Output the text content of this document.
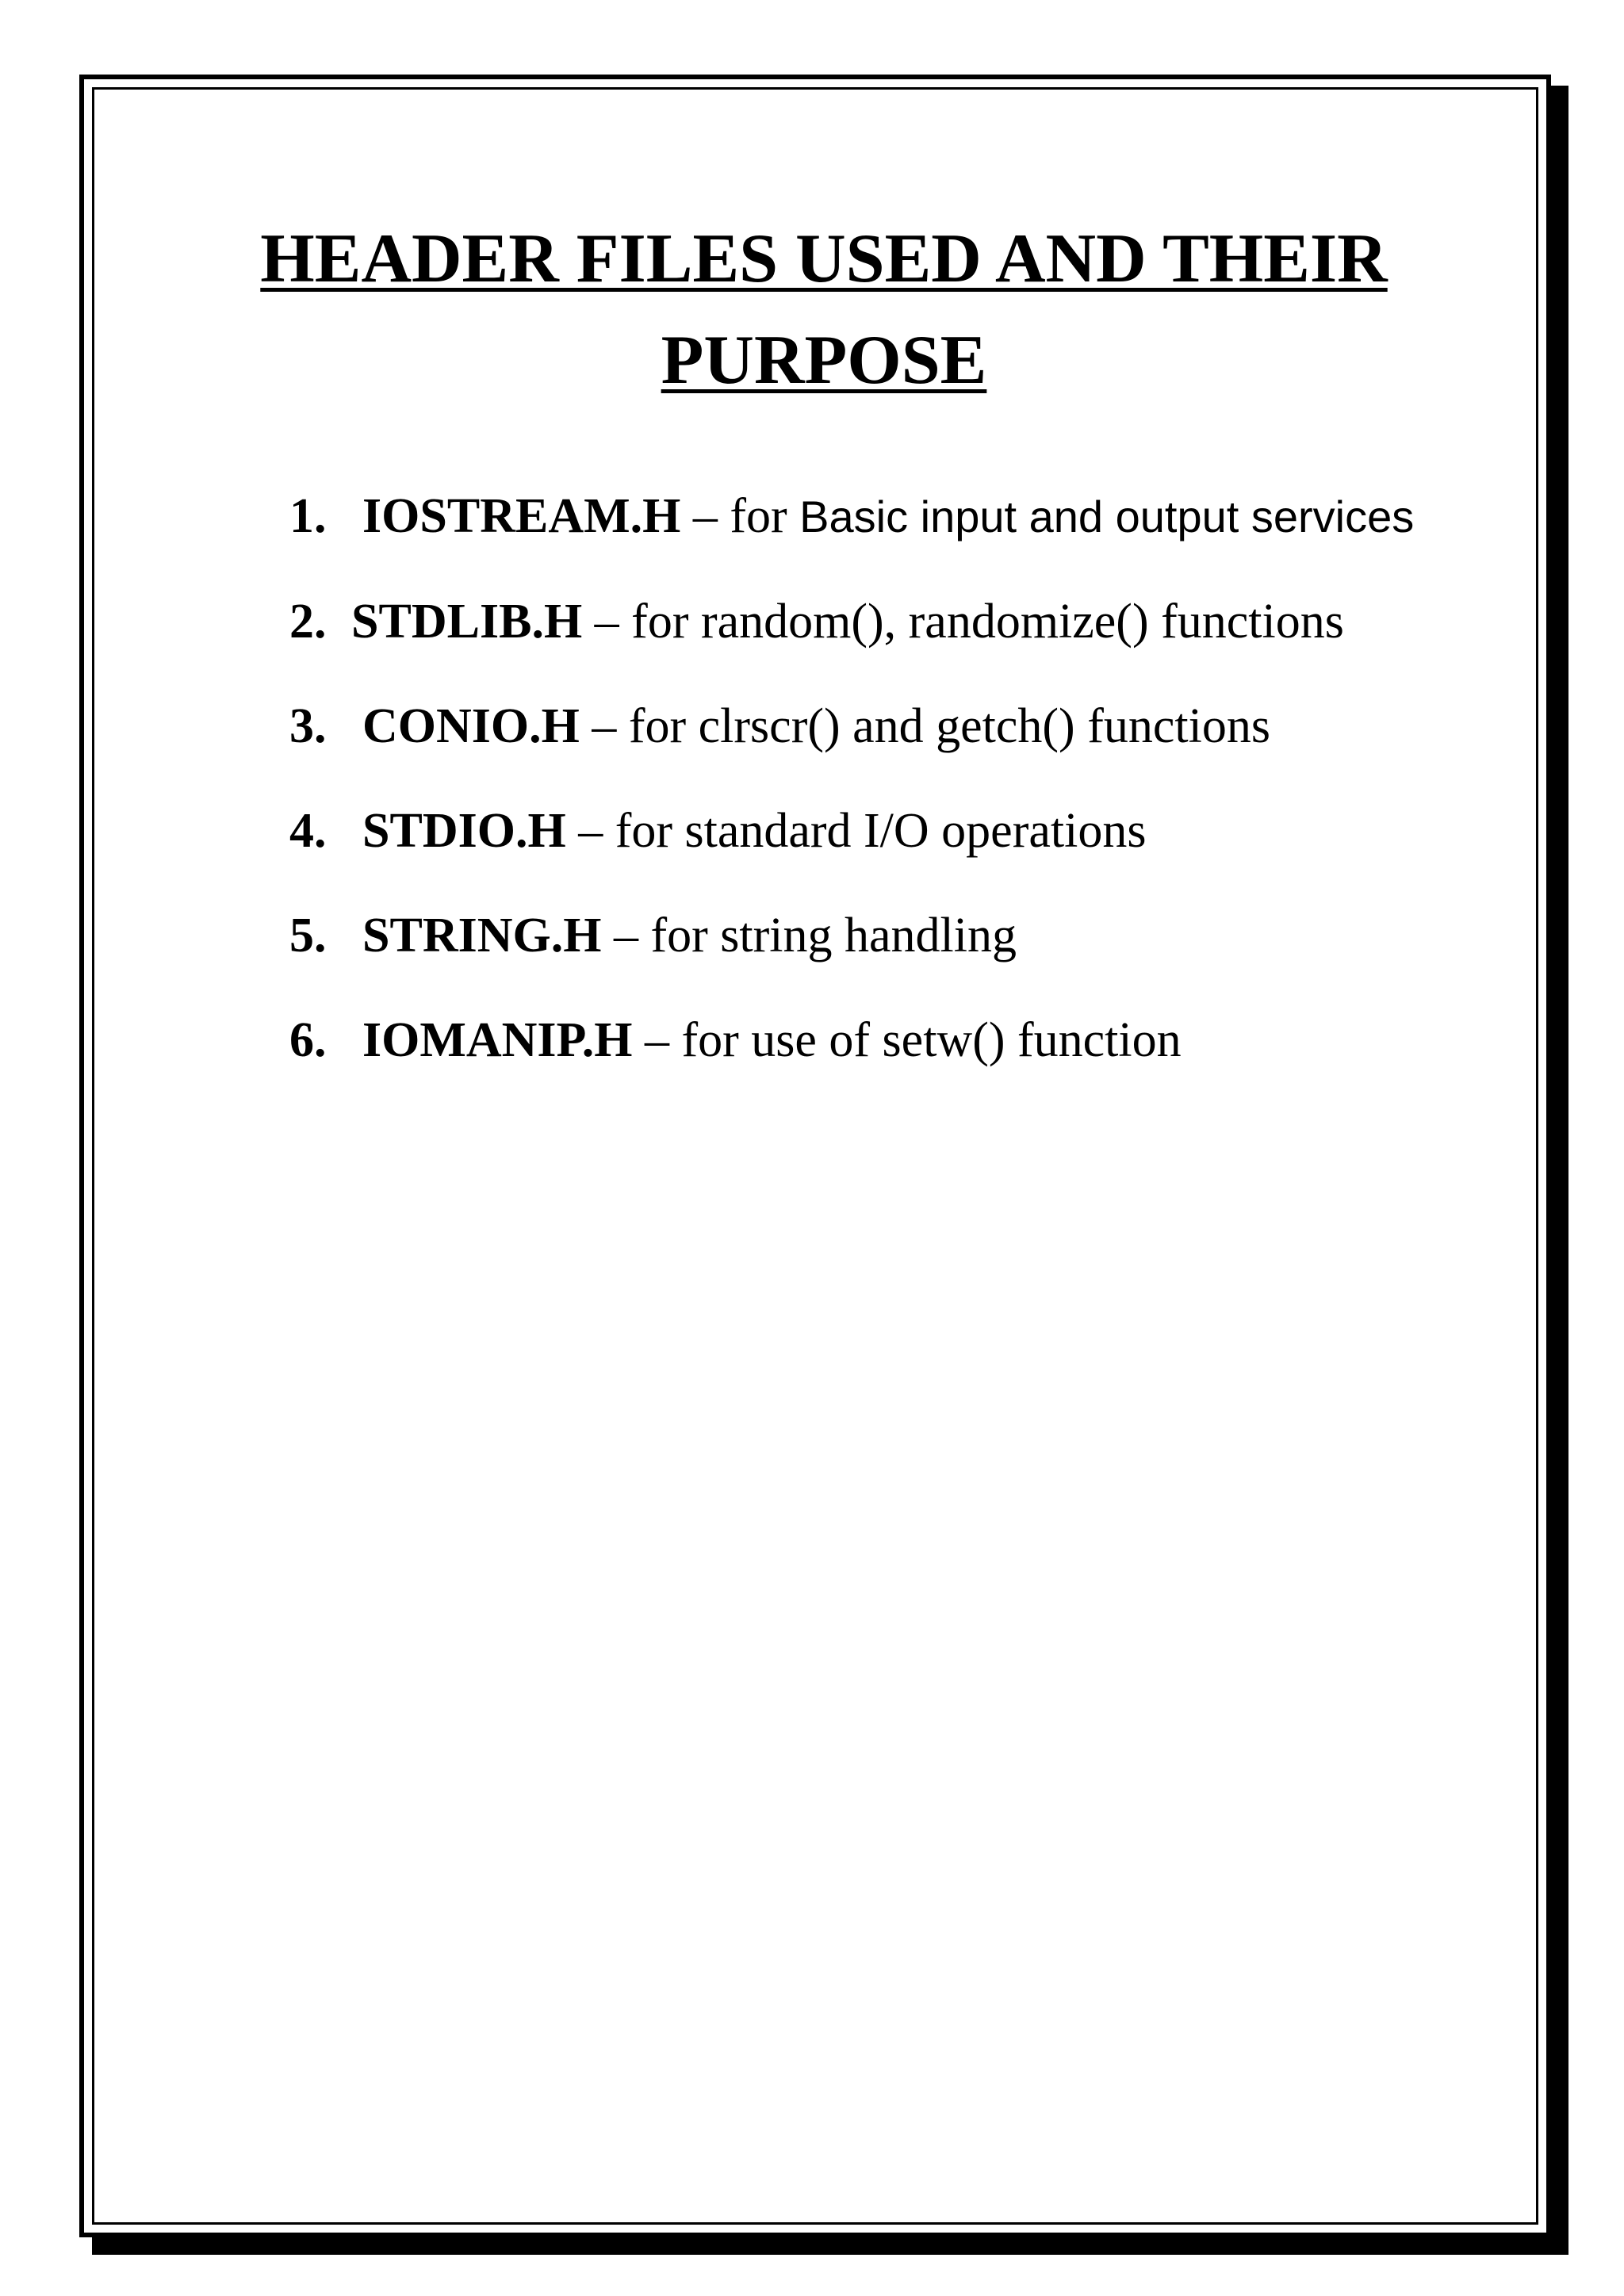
HEADER FILES USED AND THEIR
PURPOSE
1. IOSTREAM.H – for Basic input and output services
2. STDLIB.H – for random(), randomize() functions
3. CONIO.H – for clrscr() and getch() functions
4. STDIO.H – for standard I/O operations
5. STRING.H – for string handling
6. IOMANIP.H – for use of setw() function
